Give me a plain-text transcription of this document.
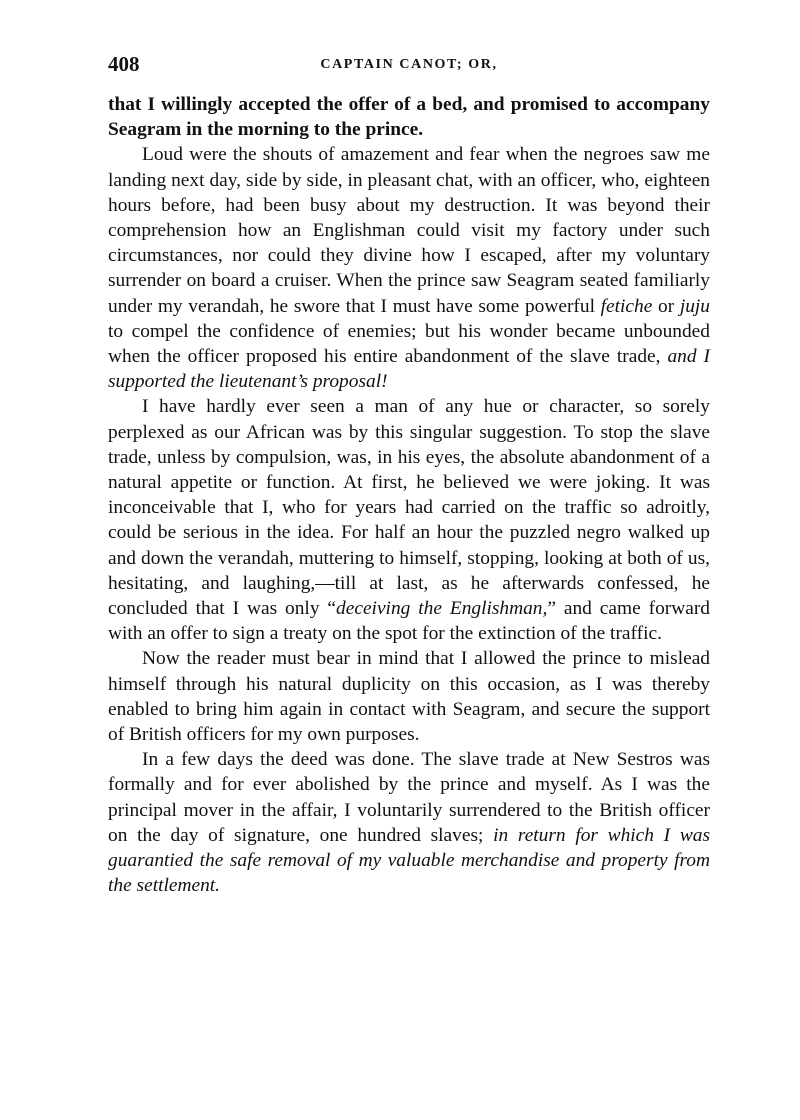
408	CAPTAIN CANOT; OR,

that I willingly accepted the offer of a bed, and promised to accompany Seagram in the morning to the prince.

Loud were the shouts of amazement and fear when the negroes saw me landing next day, side by side, in pleasant chat, with an officer, who, eighteen hours before, had been busy about my destruction. It was beyond their comprehension how an Englishman could visit my factory under such circumstances, nor could they divine how I escaped, after my voluntary surrender on board a cruiser. When the prince saw Seagram seated familiarly under my verandah, he swore that I must have some powerful fetiche or juju to compel the confidence of enemies; but his wonder became unbounded when the officer proposed his entire abandonment of the slave trade, and I supported the lieutenant’s proposal!

I have hardly ever seen a man of any hue or character, so sorely perplexed as our African was by this singular suggestion. To stop the slave trade, unless by compulsion, was, in his eyes, the absolute abandonment of a natural appetite or function. At first, he believed we were joking. It was inconceivable that I, who for years had carried on the traffic so adroitly, could be serious in the idea. For half an hour the puzzled negro walked up and down the verandah, muttering to himself, stopping, looking at both of us, hesitating, and laughing,—till at last, as he afterwards confessed, he concluded that I was only “deceiving the Englishman,” and came forward with an offer to sign a treaty on the spot for the extinction of the traffic.

Now the reader must bear in mind that I allowed the prince to mislead himself through his natural duplicity on this occasion, as I was thereby enabled to bring him again in contact with Seagram, and secure the support of British officers for my own purposes.

In a few days the deed was done. The slave trade at New Sestros was formally and for ever abolished by the prince and myself. As I was the principal mover in the affair, I voluntarily surrendered to the British officer on the day of signature, one hundred slaves; in return for which I was guarantied the safe removal of my valuable merchandise and property from the settlement.
